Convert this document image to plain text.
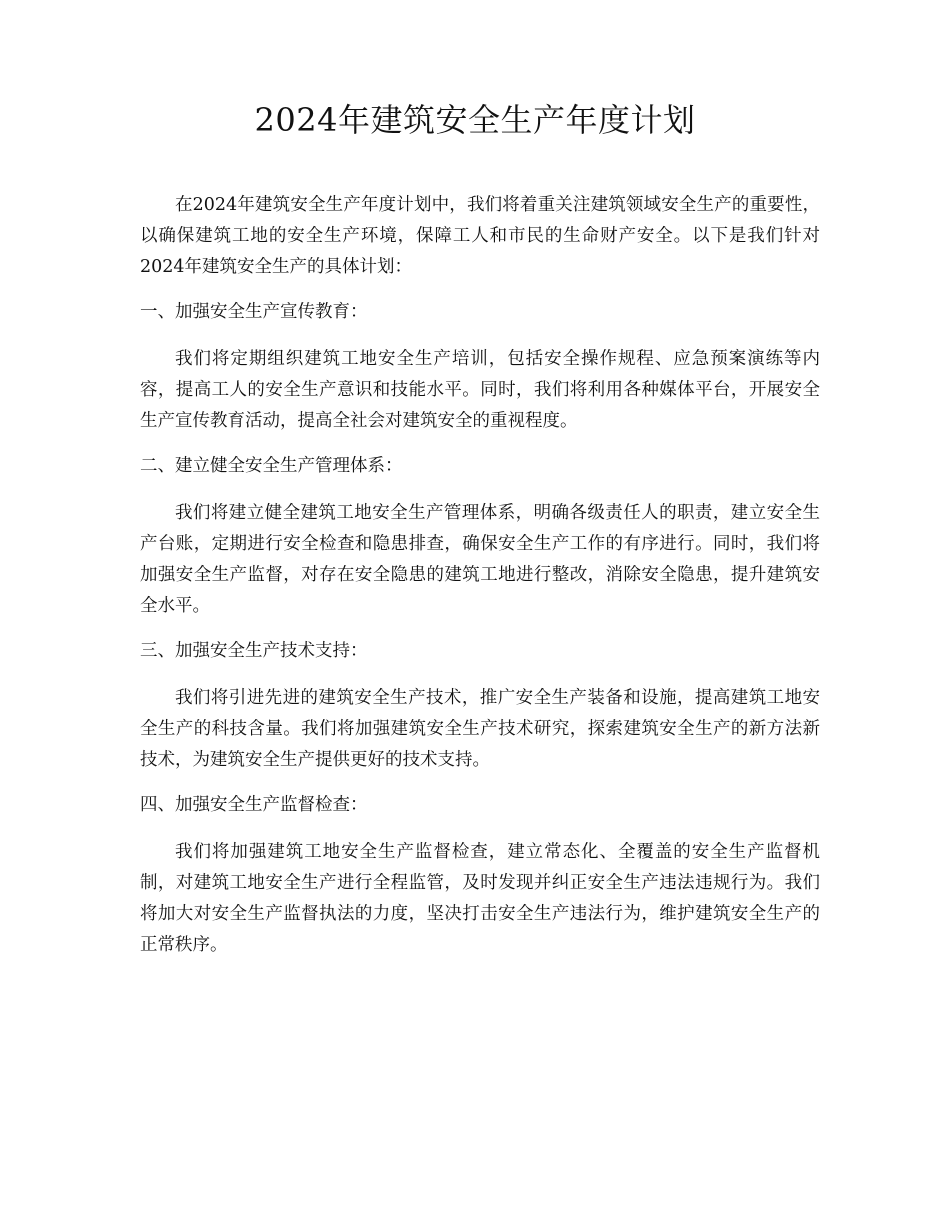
2024年建筑安全生产年度计划

在2024年建筑安全生产年度计划中，我们将着重关注建筑领域安全生产的重要性，以确保建筑工地的安全生产环境，保障工人和市民的生命财产安全。以下是我们针对2024年建筑安全生产的具体计划：

一、加强安全生产宣传教育：

我们将定期组织建筑工地安全生产培训，包括安全操作规程、应急预案演练等内容，提高工人的安全生产意识和技能水平。同时，我们将利用各种媒体平台，开展安全生产宣传教育活动，提高全社会对建筑安全的重视程度。

二、建立健全安全生产管理体系：

我们将建立健全建筑工地安全生产管理体系，明确各级责任人的职责，建立安全生产台账，定期进行安全检查和隐患排查，确保安全生产工作的有序进行。同时，我们将加强安全生产监督，对存在安全隐患的建筑工地进行整改，消除安全隐患，提升建筑安全水平。

三、加强安全生产技术支持：

我们将引进先进的建筑安全生产技术，推广安全生产装备和设施，提高建筑工地安全生产的科技含量。我们将加强建筑安全生产技术研究，探索建筑安全生产的新方法新技术，为建筑安全生产提供更好的技术支持。

四、加强安全生产监督检查：

我们将加强建筑工地安全生产监督检查，建立常态化、全覆盖的安全生产监督机制，对建筑工地安全生产进行全程监管，及时发现并纠正安全生产违法违规行为。我们将加大对安全生产监督执法的力度，坚决打击安全生产违法行为，维护建筑安全生产的正常秩序。
